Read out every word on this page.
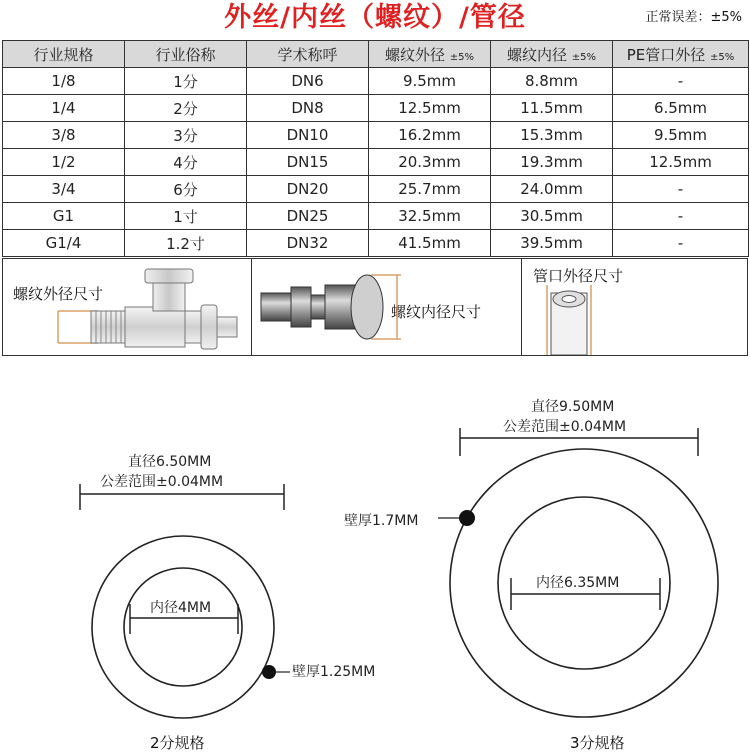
外丝/内丝（螺纹）/管径	正常误差：±5%
行业规格	行业俗称	学术称呼	螺纹外径 ±5%	螺纹内径 ±5%	PE管口外径 ±5%
1/8	1分	DN6	9.5mm	8.8mm	-
1/4	2分	DN8	12.5mm	11.5mm	6.5mm
3/8	3分	DN10	16.2mm	15.3mm	9.5mm
1/2	4分	DN15	20.3mm	19.3mm	12.5mm
3/4	6分	DN20	25.7mm	24.0mm	-
G1	1寸	DN25	32.5mm	30.5mm	-
G1/4	1.2寸	DN32	41.5mm	39.5mm	-
螺纹外径尺寸
螺纹内径尺寸
管口外径尺寸
直径6.50MM
公差范围±0.04MM
内径4MM
壁厚1.25MM
2分规格
直径9.50MM
公差范围±0.04MM
内径6.35MM
壁厚1.7MM
3分规格
